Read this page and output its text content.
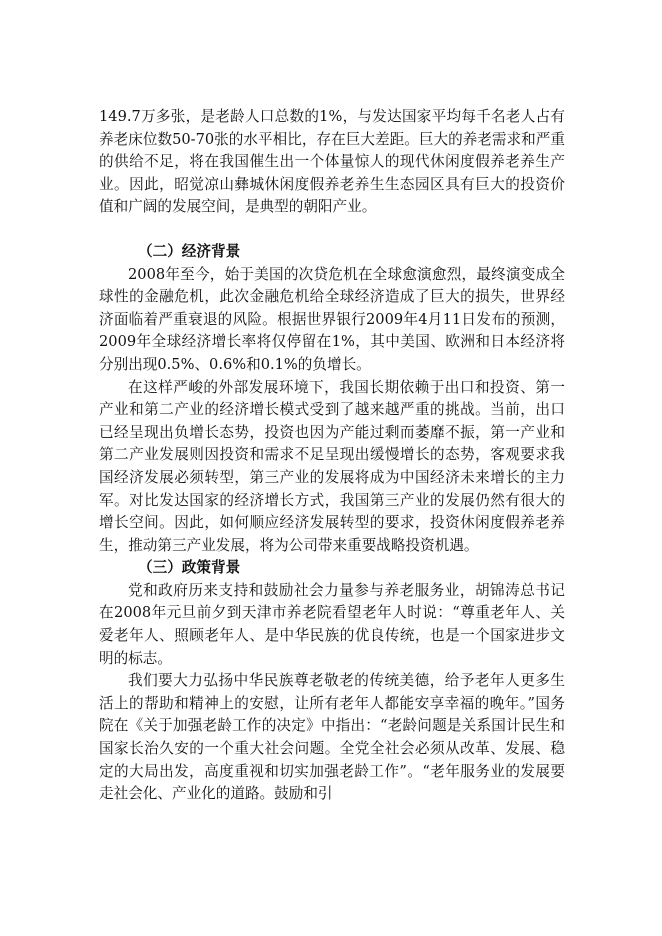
149.7万多张，是老龄人口总数的1%，与发达国家平均每千名老人占有养老床位数50-70张的水平相比，存在巨大差距。巨大的养老需求和严重的供给不足，将在我国催生出一个体量惊人的现代休闲度假养老养生产业。因此，昭觉凉山彝城休闲度假养老养生生态园区具有巨大的投资价值和广阔的发展空间，是典型的朝阳产业。

（二）经济背景

2008年至今，始于美国的次贷危机在全球愈演愈烈，最终演变成全球性的金融危机，此次金融危机给全球经济造成了巨大的损失，世界经济面临着严重衰退的风险。根据世界银行2009年4月11日发布的预测，2009年全球经济增长率将仅停留在1%，其中美国、欧洲和日本经济将分别出现0.5%、0.6%和0.1%的负增长。

在这样严峻的外部发展环境下，我国长期依赖于出口和投资、第一产业和第二产业的经济增长模式受到了越来越严重的挑战。当前，出口已经呈现出负增长态势，投资也因为产能过剩而萎靡不振，第一产业和第二产业发展则因投资和需求不足呈现出缓慢增长的态势，客观要求我国经济发展必须转型，第三产业的发展将成为中国经济未来增长的主力军。对比发达国家的经济增长方式，我国第三产业的发展仍然有很大的增长空间。因此，如何顺应经济发展转型的要求，投资休闲度假养老养生，推动第三产业发展，将为公司带来重要战略投资机遇。

（三）政策背景

党和政府历来支持和鼓励社会力量参与养老服务业，胡锦涛总书记在2008年元旦前夕到天津市养老院看望老年人时说：“尊重老年人、关爱老年人、照顾老年人、是中华民族的优良传统，也是一个国家进步文明的标志。

我们要大力弘扬中华民族尊老敬老的传统美德，给予老年人更多生活上的帮助和精神上的安慰，让所有老年人都能安享幸福的晚年。”国务院在《关于加强老龄工作的决定》中指出：“老龄问题是关系国计民生和国家长治久安的一个重大社会问题。全党全社会必须从改革、发展、稳定的大局出发，高度重视和切实加强老龄工作”。“老年服务业的发展要走社会化、产业化的道路。鼓励和引
